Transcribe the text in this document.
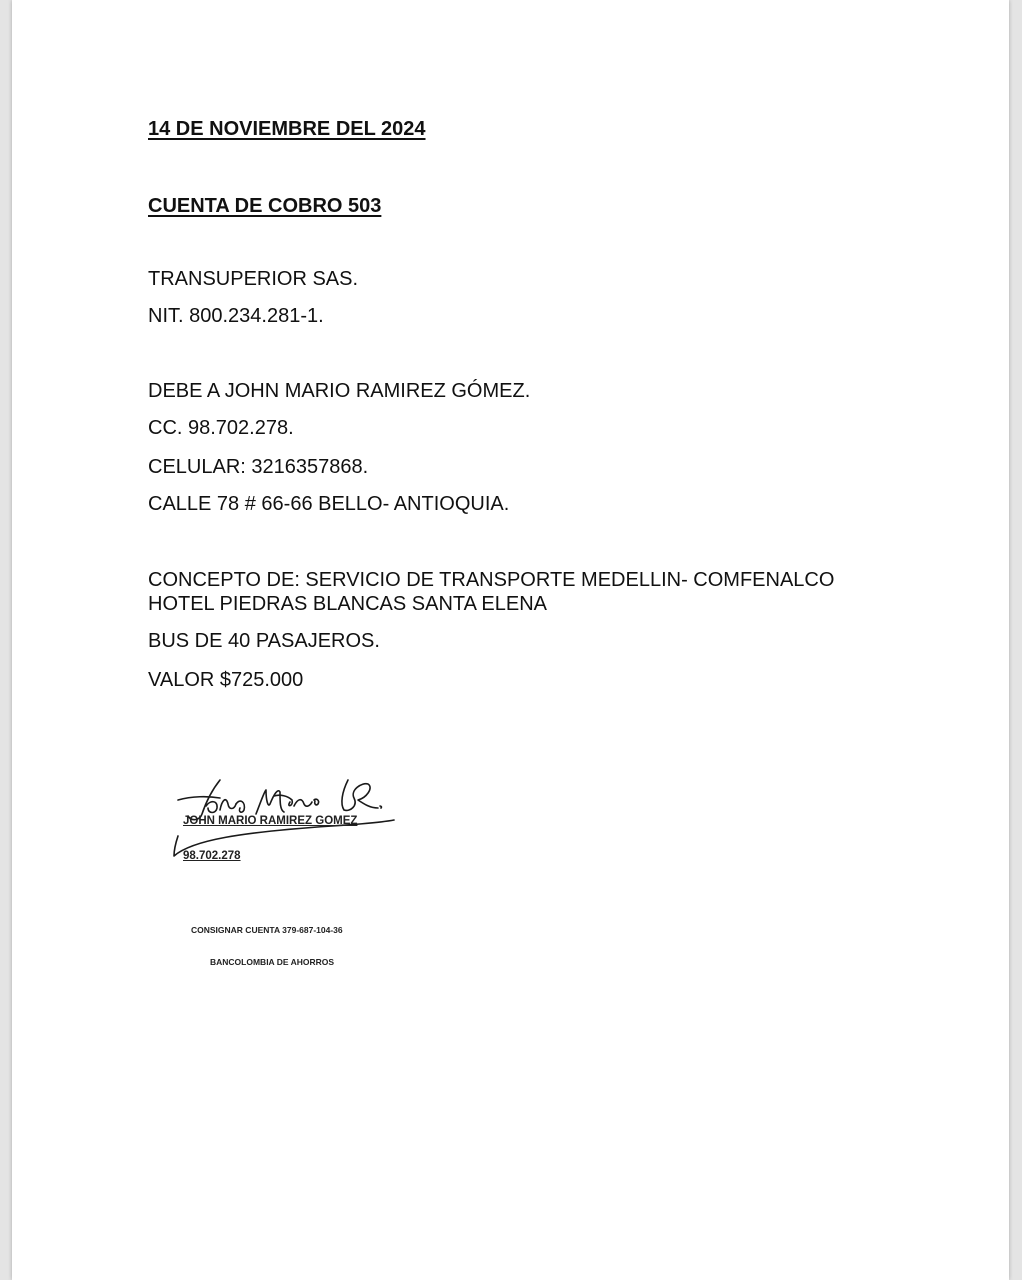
14 DE NOVIEMBRE DEL 2024
CUENTA DE COBRO 503
TRANSUPERIOR SAS.
NIT. 800.234.281-1.
DEBE A JOHN MARIO RAMIREZ GÓMEZ.
CC. 98.702.278.
CELULAR: 3216357868.
CALLE 78 # 66-66 BELLO- ANTIOQUIA.
CONCEPTO DE: SERVICIO DE TRANSPORTE MEDELLIN- COMFENALCO HOTEL PIEDRAS BLANCAS SANTA ELENA
BUS DE 40 PASAJEROS.
VALOR $725.000
JOHN MARIO RAMIREZ GOMEZ
98.702.278
CONSIGNAR CUENTA 379-687-104-36
BANCOLOMBIA DE AHORROS
